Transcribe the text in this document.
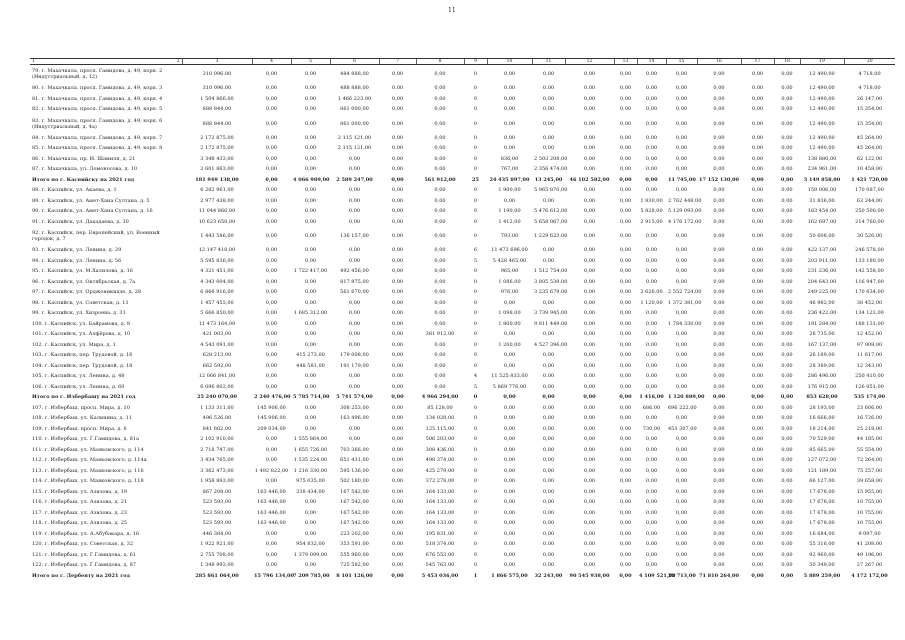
11
1 2	3	4	5	6	7	8	9	10	11	12	13	14	15	16	17	18	19	20
79. г. Махачкала, просп. Гамидова, д. 49, корп. 2 (Индустриальный, д. 12)	310 096,00	0,00	0,00	484 888,00	0,00	0,00	0	0,00	0,00	0,00	0,00	0,00	0,00	0,00	0,00	0,00	12 490,00	4 718,00
80. г. Махачкала, просп. Гамидова, д. 49, корп. 3	310 096,00	0,00	0,00	488 888,00	0,00	0,00	0	0,00	0,00	0,00	0,00	0,00	0,00	0,00	0,00	0,00	12 490,00	4 718,00
81. г. Махачкала, просп. Гамидова, д. 49, корп. 4	1 504 866,00	0,00	0,00	1 466 223,00	0,00	0,00	0	0,00	0,00	0,00	0,00	0,00	0,00	0,00	0,00	0,00	12 490,00	26 147,00
82. г. Махачкала, просп. Гамидова, д. 49, корп. 5	888 844,00	0,00	0,00	861 000,00	0,00	0,00	0	0,00	0,00	0,00	0,00	0,00	0,00	0,00	0,00	0,00	12 490,00	15 354,00
83. г. Махачкала, просп. Гамидова, д. 49, корп. 6 (Индустриальный, д. 4а)	888 844,00	0,00	0,00	861 000,00	0,00	0,00	0	0,00	0,00	0,00	0,00	0,00	0,00	0,00	0,00	0,00	12 490,00	15 354,00
84. г. Махачкала, просп. Гамидова, д. 49, корп. 7	2 172 875,00	0,00	0,00	2 115 121,00	0,00	0,00	0	0,00	0,00	0,00	0,00	0,00	0,00	0,00	0,00	0,00	12 490,00	45 264,00
85. г. Махачкала, просп. Гамидова, д. 49, корп. 8	2 172 875,00	0,00	0,00	2 115 121,00	0,00	0,00	0	0,00	0,00	0,00	0,00	0,00	0,00	0,00	0,00	0,00	12 490,00	45 264,00
86. г. Махачкала, пр. И. Шамиля, д. 21	3 348 433,00	0,00	0,00	0,00	0,00	0,00	0	836,00	2 503 208,00	0,00	0,00	0,00	0,00	0,00	0,00	0,00	138 880,00	62 122,00
87. г. Махачкала, ул. Ломоносова, д. 10	2 601 863,00	0,00	0,00	0,00	0,00	0,00	0	767,00	2 356 474,00	0,00	0,00	0,00	0,00	0,00	0,00	0,00	234 961,00	10 458,00
Итого по г. Каспийску на 2021 год	181 949 138,00	0,00	4 066 989,00	2 589 247,00	0,00	561 912,00	25	24 435 897,00	13 245,00	46 102 582,00	0,00	0,00	11 745,00	17 152 130,00	0,00	0,00	3 149 858,00	1 421 720,00
88. г. Каспийск, ул. Акаева, д. 1	6 282 961,00	0,00	0,00	0,00	0,00	0,00	0	1 900,00	5 965 870,00	0,00	0,00	0,00	0,00	0,00	0,00	0,00	159 006,00	170 087,00
89. г. Каспийск, ул. Амет-Хана Султана, д. 5	2 977 438,00	0,00	0,00	0,00	0,00	0,00	0	0,00	0,00	0,00	0,00	1 830,00	2 762 448,00	0,00	0,00	0,00	31 836,00	63 244,00
90. г. Каспийск, ул. Амет-Хана Султана, д. 16	11 044 866,00	0,00	0,00	0,00	0,00	0,00	0	1 190,00	5 476 612,00	0,00	0,00	5 828,00	5 129 093,00	0,00	0,00	0,00	183 454,00	250 500,00
91. г. Каспийск, ул. Дахадаева, д. 30	10 623 658,00	0,00	0,00	0,00	0,00	0,00	0	1 412,00	5 658 067,00	0,00	0,00	2 915,00	4 176 172,00	0,00	0,00	0,00	162 697,00	214 760,00
92. г. Каспийск, пер. Европейский, ул. Военный городок, д. 7	1 443 586,00	0,00	0,00	136 157,00	0,00	0,00	0	793,00	1 229 623,00	0,00	0,00	0,00	0,00	0,00	0,00	0,00	50 608,00	30 526,00
93. г. Каспийск, ул. Ленина, д. 29	12 147 418,00	0,00	0,00	0,00	0,00	0,00	6	11 473 696,00	0,00	0,00	0,00	0,00	0,00	0,00	0,00	0,00	422 137,00	246 578,00
94. г. Каспийск, ул. Ленина, д. 56	5 595 836,00	0,00	0,00	0,00	0,00	0,00	5	5 428 465,00	0,00	0,00	0,00	0,00	0,00	0,00	0,00	0,00	203 911,00	133 180,00
95. г. Каспийск, ул. М.Халилова, д. 16	4 321 451,00	0,00	1 722 417,00	492 456,00	0,00	0,00	0	965,00	1 512 754,00	0,00	0,00	0,00	0,00	0,00	0,00	0,00	231 236,00	142 558,00
96. г. Каспийск, ул. Октябрьская, д. 7а	4 343 004,00	0,00	0,00	817 875,00	0,00	0,00	0	1 086,00	3 805 539,00	0,00	0,00	0,00	0,00	0,00	0,00	0,00	204 643,00	116 947,00
97. г. Каспийск, ул. Орджоникидзе, д. 28	6 866 916,00	0,00	0,00	561 670,00	0,00	0,00	0	976,00	3 235 679,00	0,00	0,00	2 626,00	2 552 724,00	0,00	0,00	0,00	249 225,00	170 634,00
98. г. Каспийск, ул. Советская, д. 11	1 457 455,00	0,00	0,00	0,00	0,00	0,00	0	0,00	0,00	0,00	0,00	1 120,00	1 372 381,00	0,00	0,00	0,00	46 982,00	38 452,00
99. г. Каспийск, ул. Хизроева, д. 31	5 666 850,00	0,00	1 685 312,00	0,00	0,00	0,00	0	1 098,00	3 739 945,00	0,00	0,00	0,00	0,00	0,00	0,00	0,00	236 422,00	134 123,00
100. г. Каспийск, ул. Байрамова, д. 8	11 473 164,00	0,00	0,00	0,00	0,00	0,00	0	1 800,00	9 811 449,00	0,00	0,00	0,00	1 784 330,00	0,00	0,00	0,00	191 284,00	188 131,00
101. г. Каспийск, ул. Алфёрова, д. 10	421 003,00	0,00	0,00	0,00	0,00	381 912,00	0	0,00	0,00	0,00	0,00	0,00	0,00	0,00	0,00	0,00	26 735,00	12 452,00
102. г. Каспийск, ул. Мира, д. 1	4 543 091,00	0,00	0,00	0,00	0,00	0,00	0	1 200,00	4 527 396,00	0,00	0,00	0,00	0,00	0,00	0,00	0,00	167 137,00	97 908,00
103. г. Каспийск, пер. Трудовой, д. 16	628 213,00	0,00	415 273,00	179 008,00	0,00	0,00	0	0,00	0,00	0,00	0,00	0,00	0,00	0,00	0,00	0,00	26 189,00	11 617,00
104. г. Каспийск, пер. Трудовой, д. 18	662 592,00	0,00	448 581,00	191 179,00	0,00	0,00	0	0,00	0,00	0,00	0,00	0,00	0,00	0,00	0,00	0,00	28 389,00	12 343,00
105. г. Каспийск, ул. Ленина, д. 48	12 066 841,00	0,00	0,00	0,00	0,00	0,00	4	11 525 833,00	0,00	0,00	0,00	0,00	0,00	0,00	0,00	0,00	286 496,00	250 410,00
106. г. Каспийск, ул. Ленина, д. 60	6 096 802,00	0,00	0,00	0,00	0,00	0,00	5	5 869 776,00	0,00	0,00	0,00	0,00	0,00	0,00	0,00	0,00	176 915,00	126 051,00
Итого по г. Избербашу на 2021 год	25 240 070,00	2 240 476,00	5 785 714,00	5 741 574,00	0,00	4 966 294,00	0	0,00	0,00	0,00	0,00	1 416,00	1 120 889,00	0,00	0,00	0,00	853 628,00	535 174,00
107. г. Избербаш, просп. Мира, д. 10	1 133 311,00	145 906,00	0,00	308 253,00	0,00	85 128,00	0	0,00	0,00	0,00	0,00	686,00	696 222,00	0,00	0,00	0,00	28 193,00	23 606,00
108. г. Избербаш, ул. Калинина, д. 11	496 526,00	145 906,00	0,00	163 496,00	0,00	134 028,00	0	0,00	0,00	0,00	0,00	0,00	0,00	0,00	0,00	0,00	16 666,00	16 726,00
109. г. Избербаш, просп. Мира, д. 6	841 602,00	209 034,00	0,00	0,00	0,00	125 115,00	0	0,00	0,00	0,00	0,00	730,00	453 307,00	0,00	0,00	0,00	18 214,00	25 218,00
110. г. Избербаш, ул. Г.Гамидова, д. 81а	2 102 910,00	0,00	1 555 864,00	0,00	0,00	506 203,00	0	0,00	0,00	0,00	0,00	0,00	0,00	0,00	0,00	0,00	70 529,00	44 185,00
111. г. Избербаш, ул. Маяковского, д. 114	2 718 747,00	0,00	1 655 726,00	703 366,00	0,00	308 436,00	0	0,00	0,00	0,00	0,00	0,00	0,00	0,00	0,00	0,00	95 665,00	55 554,00
112. г. Избербаш, ул. Маяковского, д. 114а	3 434 765,00	0,00	1 535 224,00	651 431,00	0,00	498 374,00	0	0,00	0,00	0,00	0,00	0,00	0,00	0,00	0,00	0,00	127 072,00	72 264,00
113. г. Избербаш, ул. Маяковского, д. 116	3 362 473,00	1 492 822,00	1 216 330,00	595 136,00	0,00	425 279,00	0	0,00	0,00	0,00	0,00	0,00	0,00	0,00	0,00	0,00	121 189,00	75 257,00
114. г. Избербаш, ул. Маяковского, д. 118	1 958 893,00	0,00	975 035,00	502 180,00	0,00	372 278,00	0	0,00	0,00	0,00	0,00	0,00	0,00	0,00	0,00	0,00	66 127,00	39 658,00
115. г. Избербаш, ул. Азизова, д. 19	867 208,00	163 446,00	338 434,00	167 542,00	0,00	164 133,00	0	0,00	0,00	0,00	0,00	0,00	0,00	0,00	0,00	0,00	17 678,00	15 955,00
116. г. Избербаш, ул. Азизова, д. 21	523 593,00	163 446,00	0,00	167 542,00	0,00	164 133,00	0	0,00	0,00	0,00	0,00	0,00	0,00	0,00	0,00	0,00	17 678,00	10 755,00
117. г. Избербаш, ул. Азизова, д. 23	523 593,00	163 446,00	0,00	167 542,00	0,00	164 133,00	0	0,00	0,00	0,00	0,00	0,00	0,00	0,00	0,00	0,00	17 678,00	10 755,00
118. г. Избербаш, ул. Азизова, д. 25	523 593,00	163 446,00	0,00	167 542,00	0,00	164 133,00	0	0,00	0,00	0,00	0,00	0,00	0,00	0,00	0,00	0,00	17 678,00	10 755,00
119. г. Избербаш, ул. А.Абубакара, д. 16	446 384,00	0,00	0,00	223 202,00	0,00	195 831,00	0	0,00	0,00	0,00	0,00	0,00	0,00	0,00	0,00	0,00	16 684,00	9 097,00
120. г. Избербаш, ул. Советская, д. 32	1 922 921,00	0,00	954 832,00	353 591,00	0,00	518 374,00	0	0,00	0,00	0,00	0,00	0,00	0,00	0,00	0,00	0,00	55 316,00	41 208,00
121. г. Избербаш, ул. Г.Гамидова, д. 61	2 755 708,00	0,00	1 379 099,00	555 960,00	0,00	676 553,00	0	0,00	0,00	0,00	0,00	0,00	0,00	0,00	0,00	0,00	92 960,00	49 196,00
122. г. Избербаш, ул. Г.Гамидова, д. 87	1 348 993,00	0,00	0,00	725 582,00	0,00	545 763,00	0	0,00	0,00	0,00	0,00	0,00	0,00	0,00	0,00	0,00	50 349,00	27 267,00
Итого по г. Дербенту на 2021 год	285 861 064,00	15 796 134,00	7 209 785,00	8 101 126,00	0,00	5 453 036,00	1	1 866 575,00	32 243,00	90 545 938,00	0,00	4 109 521,00	22 713,00	71 810 264,00	0,00	0,00	5 889 259,00	4 172 172,00
